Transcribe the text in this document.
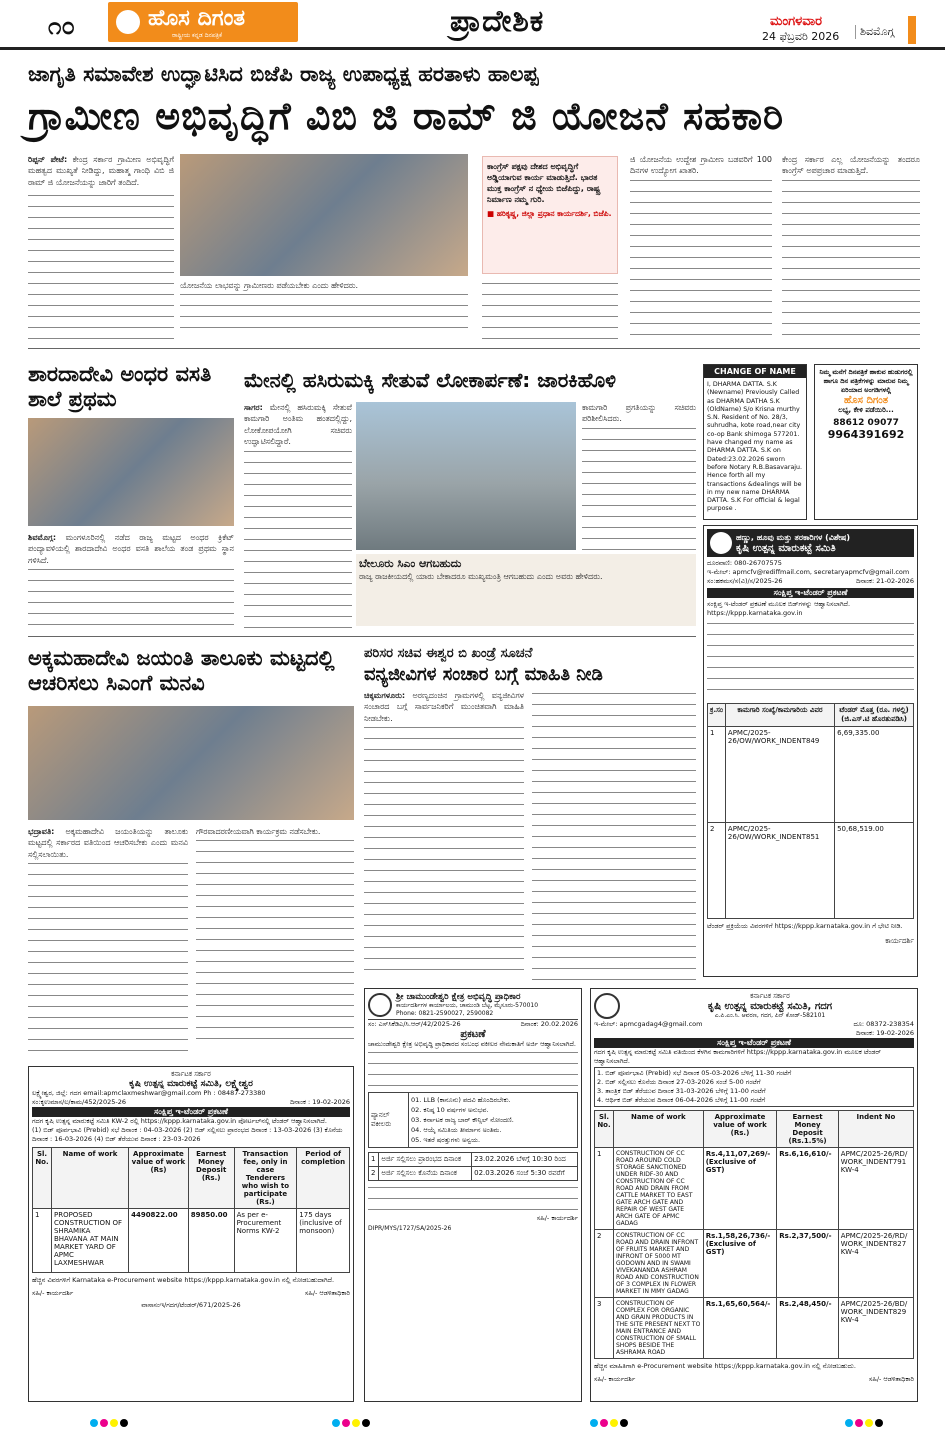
೧೦	ಹೊಸ ದಿಗಂತ
ರಾಷ್ಟ್ರೀಯ ಕನ್ನಡ ದಿನಪತ್ರಿಕೆ	ಪ್ರಾದೇಶಿಕ	ಮಂಗಳವಾರ
24 ಫೆಬ್ರವರಿ 2026	ಶಿವಮೊಗ್ಗ
ಜಾಗೃತಿ ಸಮಾವೇಶ ಉದ್ಘಾಟಿಸಿದ ಬಿಜೆಪಿ ರಾಜ್ಯ ಉಪಾಧ್ಯಕ್ಷ ಹರತಾಳು ಹಾಲಪ್ಪ
ಗ್ರಾಮೀಣ ಅಭಿವೃದ್ಧಿಗೆ ವಿಬಿ ಜಿ ರಾಮ್ ಜಿ ಯೋಜನೆ ಸಹಕಾರಿ
ರಿಪ್ಪನ್ ಪೇಟೆ: ಕೇಂದ್ರ ಸರ್ಕಾರ ಗ್ರಾಮೀಣ ಅಭಿವೃದ್ಧಿಗೆ ಮಹತ್ವದ ಮುಖ್ಯತೆ ನೀಡಿದ್ದು, ಮಹಾತ್ಮ ಗಾಂಧಿ ವಿಬಿ ಜಿ ರಾಮ್ ಜಿ ಯೋಜನೆಯನ್ನು ಜಾರಿಗೆ ತಂದಿದೆ.
ಯೋಜನೆಯ ಲಾಭವನ್ನು ಗ್ರಾಮೀಣರು ಪಡೆಯಬೇಕು ಎಂದು ಹೇಳಿದರು.
ಕಾಂಗ್ರೆಸ್ ಪಕ್ಷವು ದೇಶದ ಅಭಿವೃದ್ಧಿಗೆ ಅಡ್ಡಿಯಾಗುವ ಕಾರ್ಯ ಮಾಡುತ್ತಿದೆ. ಭಾರತ ಮುಕ್ತ ಕಾಂಗ್ರೆಸ್ ನ ಧ್ಯೇಯ ಬಿಜೆಪಿದ್ದು, ರಾಷ್ಟ್ರ ನಿರ್ಮಾಣ ನಮ್ಮ ಗುರಿ.
■ ಹರಿಕೃಷ್ಣ, ಜಿಲ್ಲಾ ಪ್ರಧಾನ ಕಾರ್ಯದರ್ಶಿ, ಬಿಜೆಪಿ.
ಜಿ ಯೋಜನೆಯ ಉದ್ದೇಶ ಗ್ರಾಮೀಣ ಬಡವರಿಗೆ 100 ದಿನಗಳ ಉದ್ಯೋಗ ಖಾತರಿ.
ಕೇಂದ್ರ ಸರ್ಕಾರ ಎಲ್ಲ ಯೋಜನೆಯನ್ನು ತಂದರೂ ಕಾಂಗ್ರೆಸ್ ಅಪಪ್ರಚಾರ ಮಾಡುತ್ತಿದೆ.
ಶಾರದಾದೇವಿ ಅಂಧರ ವಸತಿ ಶಾಲೆ ಪ್ರಥಮ
ಶಿವಮೊಗ್ಗ: ಮಂಗಳೂರಿನಲ್ಲಿ ನಡೆದ ರಾಜ್ಯ ಮಟ್ಟದ ಅಂಧರ ಕ್ರಿಕೆಟ್ ಪಂದ್ಯಾವಳಿಯಲ್ಲಿ ಶಾರದಾದೇವಿ ಅಂಧರ ವಸತಿ ಶಾಲೆಯ ತಂಡ ಪ್ರಥಮ ಸ್ಥಾನ ಗಳಿಸಿದೆ.
ಮೇನಲ್ಲಿ ಹಸಿರುಮಕ್ಕಿ ಸೇತುವೆ ಲೋಕಾರ್ಪಣೆ: ಜಾರಕಿಹೊಳಿ
ಸಾಗರ: ಮೇನಲ್ಲಿ ಹಸಿರುಮಕ್ಕಿ ಸೇತುವೆ ಕಾಮಗಾರಿ ಅಂತಿಮ ಹಂತದಲ್ಲಿದ್ದು, ಲೋಕೋಪಯೋಗಿ ಸಚಿವರು ಉದ್ಘಾಟಿಸಲಿದ್ದಾರೆ.
ಕಾಮಗಾರಿ ಪ್ರಗತಿಯನ್ನು ಸಚಿವರು ಪರಿಶೀಲಿಸಿದರು.
ಬೇಲೂರು ಸಿಎಂ ಆಗಬಹುದು
ರಾಜ್ಯ ರಾಜಕೀಯದಲ್ಲಿ ಯಾರು ಬೇಕಾದರೂ ಮುಖ್ಯಮಂತ್ರಿ ಆಗಬಹುದು ಎಂದು ಅವರು ಹೇಳಿದರು.
CHANGE OF NAME
I, DHARMA DATTA. S.K (Newname) Previously Called as DHARMA DATHA S.K (OldName) S/o Krisna murthy S.N. Resident of No. 28/3, suhrudha, kote road,near city co-op Bank shimoga 577201. have changed my name as DHARMA DATTA. S.K on Dated:23.02.2026 sworn before Notary R.B.Basavaraju. Hence forth all my transactions &dealings will be in my new name DHARMA DATTA. S.K For official & legal purpose .
ನಿಮ್ಮ ಮನೆಗೆ ದಿನಪತ್ರಿಕೆ ಹಾಕುವ ಹುಡುಗರಲ್ಲಿ ಹಾಗೂ ದಿನ ಪತ್ರಿಕೆಗಳನ್ನು ಮಾರುವ ನಿಮ್ಮ ಏರಿಯಾದ ಅಂಗಡಿಗಳಲ್ಲಿ
ಹೊಸ ದಿಗಂತ
ಲಭ್ಯ, ಕೇಳಿ ಪಡೆಯಿರಿ...
88612 09077
9964391692
ಹಣ್ಣು, ಹೂವು ಮತ್ತು ತರಕಾರಿಗಳ (ವಿಶೇಷ)
ಕೃಷಿ ಉತ್ಪನ್ನ ಮಾರುಕಟ್ಟೆ ಸಮಿತಿ
ದೂರವಾಣಿ: 080-26707575
ಇ-ಮೇಲ್: apmcfv@rediffmail.com, secretaryapmcfv@gmail.com
ಸಂ:ಹಕಮಸ/ಸ(ವಿ)/ಸ/2025-26	ದಿನಾಂಕ: 21-02-2026
ಸಂಕ್ಷಿಪ್ತ ಇ-ಟೆಂಡರ್ ಪ್ರಕಟಣೆ
ಸಂಕ್ಷಿಪ್ತ ಇ-ಟೆಂಡರ್ ಪ್ರಕಟಣೆ ಮೂಲಕ ಬಿಡ್‌ಗಳನ್ನು ಆಹ್ವಾನಿಸಲಾಗಿದೆ. https://kppp.karnataka.gov.in
ಕ್ರ.ಸಂ	ಕಾಮಗಾರಿ ಸಂಖ್ಯೆ/ಕಾಮಗಾರಿಯ ವಿವರ	ಟೆಂಡರ್ ಮೊತ್ತ (ರೂ. ಗಳಲ್ಲಿ) (ಜಿ.ಎಸ್.ಟಿ ಹೊರತುಪಡಿಸಿ)
1	APMC/2025-26/OW/WORK_INDENT849	6,69,335.00
2	APMC/2025-26/OW/WORK_INDENT851	50,68,519.00
ಟೆಂಡರ್ ಪ್ರಕ್ರಿಯೆಯ ವಿವರಗಳಿಗೆ https://kppp.karnataka.gov.in ಗೆ ಭೇಟಿ ನೀಡಿ.
ಕಾರ್ಯದರ್ಶಿ
ಅಕ್ಕಮಹಾದೇವಿ ಜಯಂತಿ ತಾಲೂಕು ಮಟ್ಟದಲ್ಲಿ ಆಚರಿಸಲು ಸಿಎಂಗೆ ಮನವಿ
ಭದ್ರಾವತಿ: ಅಕ್ಕಮಹಾದೇವಿ ಜಯಂತಿಯನ್ನು ತಾಲೂಕು ಮಟ್ಟದಲ್ಲಿ ಸರ್ಕಾರದ ವತಿಯಿಂದ ಆಚರಿಸಬೇಕು ಎಂದು ಮನವಿ ಸಲ್ಲಿಸಲಾಯಿತು.
ಗೌರವಾದರಣೀಯವಾಗಿ ಕಾರ್ಯಕ್ರಮ ನಡೆಸಬೇಕು.
ಪರಿಸರ ಸಚಿವ ಈಶ್ವರ ಬಿ ಖಂಡ್ರೆ ಸೂಚನೆ
ವನ್ಯಜೀವಿಗಳ ಸಂಚಾರ ಬಗ್ಗೆ ಮಾಹಿತಿ ನೀಡಿ
ಚಿಕ್ಕಮಗಳೂರು: ಅರಣ್ಯದಂಚಿನ ಗ್ರಾಮಗಳಲ್ಲಿ ವನ್ಯಜೀವಿಗಳ ಸಂಚಾರದ ಬಗ್ಗೆ ಸಾರ್ವಜನಿಕರಿಗೆ ಮುಂಚಿತವಾಗಿ ಮಾಹಿತಿ ನೀಡಬೇಕು.
ಕರ್ನಾಟಕ ಸರ್ಕಾರ
ಕೃಷಿ ಉತ್ಪನ್ನ ಮಾರುಕಟ್ಟೆ ಸಮಿತಿ, ಲಕ್ಷ್ಮೇಶ್ವರ
ಲಕ್ಷ್ಮೇಶ್ವರ, ಜಿಲ್ಲೆ: ಗದಗ email:apmclaxmeshwar@gmail.com Ph : 08487-273380
ಸಂ:ಕೃಉಮಾಸ/ಲ/ಕಾಮ/452/2025-26	ದಿನಾಂಕ : 19-02-2026
ಸಂಕ್ಷಿಪ್ತ ಇ-ಟೆಂಡರ್ ಪ್ರಕಟಣೆ
ಗದಗ ಕೃಷಿ ಉತ್ಪನ್ನ ಮಾರುಕಟ್ಟೆ ಸಮಿತಿ KW-2 ರಲ್ಲಿ https://kppp.karnataka.gov.in ಪೋರ್ಟಲ್‌ನಲ್ಲಿ ಟೆಂಡರ್ ಆಹ್ವಾನಿಸಲಾಗಿದೆ.
(1) ಬಿಡ್ ಪೂರ್ವಭಾವಿ (Prebid) ಸಭೆ ದಿನಾಂಕ : 04-03-2026 (2) ಬಿಡ್ ಸಲ್ಲಿಸಲು ಪ್ರಾರಂಭದ ದಿನಾಂಕ : 13-03-2026 (3) ಕೊನೆಯ ದಿನಾಂಕ : 16-03-2026 (4) ಬಿಡ್ ತೆರೆಯುವ ದಿನಾಂಕ : 23-03-2026
Sl. No.	Name of work	Approximate value of work (Rs)	Earnest Money Deposit (Rs.)	Transaction fee, only in case Tenderers who wish to participate (Rs.)	Period of completion
1	PROPOSED CONSTRUCTION OF SHRAMIKA BHAVANA AT MAIN MARKET YARD OF APMC LAXMESHWAR	4490822.00	89850.00	As per e-Procurement Norms KW-2	175 days (inclusive of monsoon)
ಹೆಚ್ಚಿನ ವಿವರಗಳಿಗೆ Karnataka e-Procurement website https://kppp.karnataka.gov.in ನಲ್ಲಿ ನೋಡಬಹುದಾಗಿದೆ.
ಸಹಿ/- ಕಾರ್ಯದರ್ಶಿ	ಸಹಿ/- ಆಡಳಿತಾಧಿಕಾರಿ
ವಾಸಾಸಂಇ/ಗದಗ/ಟೆಂಡರ್/671/2025-26
ಶ್ರೀ ಚಾಮುಂಡೇಶ್ವರಿ ಕ್ಷೇತ್ರ ಅಭಿವೃದ್ಧಿ ಪ್ರಾಧಿಕಾರ
ಕಾರ್ಯದರ್ಶಿಗಳ ಕಾರ್ಯಾಲಯ, ಚಾಮುಂಡಿ ಬೆಟ್ಟ, ಮೈಸೂರು-570010
Phone: 0821-2590027, 2590082
ಸಂ: ಎಸ್‌ಸಿಕೆಡಿಎ/ಸಿ.ಆರ್/42/2025-26	ದಿನಾಂಕ: 20.02.2026
ಪ್ರಕಟಣೆ
ಚಾಮುಂಡೇಶ್ವರಿ ಕ್ಷೇತ್ರ ಅಭಿವೃದ್ಧಿ ಪ್ರಾಧಿಕಾರದ ಸಂಬಂಧ ವಕೀಲರ ನೇಮಕಾತಿಗೆ ಅರ್ಜಿ ಆಹ್ವಾನಿಸಲಾಗಿದೆ.
ಪ್ಯಾನಲ್ ವಕೀಲರು
01. LLB (ಕಾನೂನು) ಪದವಿ ಹೊಂದಿರಬೇಕು.
02. ಕನಿಷ್ಠ 10 ವರ್ಷಗಳ ಅನುಭವ.
03. ಕರ್ನಾಟಕ ರಾಜ್ಯ ಬಾರ್ ಕೌನ್ಸಿಲ್ ನೋಂದಣಿ.
04. ಆಯ್ಕೆ ಸಮಿತಿಯ ತೀರ್ಮಾನ ಅಂತಿಮ.
05. ಇತರೆ ಷರತ್ತುಗಳು ಅನ್ವಯ.
1	ಅರ್ಜಿ ಸಲ್ಲಿಸಲು ಪ್ರಾರಂಭದ ದಿನಾಂಕ	23.02.2026 ಬೆಳಿಗ್ಗೆ 10:30 ರಿಂದ
2	ಅರ್ಜಿ ಸಲ್ಲಿಸಲು ಕೊನೆಯ ದಿನಾಂಕ	02.03.2026 ಸಂಜೆ 5:30 ರವರೆಗೆ
ಸಹಿ/- ಕಾರ್ಯದರ್ಶಿ
DIPR/MYS/1727/SA/2025-26
ಕರ್ನಾಟಕ ಸರ್ಕಾರ
ಕೃಷಿ ಉತ್ಪನ್ನ ಮಾರುಕಟ್ಟೆ ಸಮಿತಿ, ಗದಗ
ಎ.ಪಿ.ಎಂ.ಸಿ. ಆವರಣ, ಗದಗ, ಪಿನ್ ಕೋಡ್-582101
ಇ-ಮೇಲ್: apmcgadag4@gmail.com	ದೂ: 08372-238354
ದಿನಾಂಕ: 19-02-2026
ಸಂಕ್ಷಿಪ್ತ ಇ-ಟೆಂಡರ್ ಪ್ರಕಟಣೆ
ಗದಗ ಕೃಷಿ ಉತ್ಪನ್ನ ಮಾರುಕಟ್ಟೆ ಸಮಿತಿ ವತಿಯಿಂದ ಕೆಳಗಿನ ಕಾಮಗಾರಿಗಳಿಗೆ https://kppp.karnataka.gov.in ಮೂಲಕ ಟೆಂಡರ್ ಆಹ್ವಾನಿಸಲಾಗಿದೆ.
1. ಬಿಡ್ ಪೂರ್ವಭಾವಿ (Prebid) ಸಭೆ ದಿನಾಂಕ 05-03-2026 ಬೆಳಿಗ್ಗೆ 11-30 ಗಂಟೆಗೆ
2. ಬಿಡ್ ಸಲ್ಲಿಸಲು ಕೊನೆಯ ದಿನಾಂಕ 27-03-2026 ಸಂಜೆ 5-00 ಗಂಟೆಗೆ
3. ತಾಂತ್ರಿಕ ಬಿಡ್ ತೆರೆಯುವ ದಿನಾಂಕ 31-03-2026 ಬೆಳಿಗ್ಗೆ 11-00 ಗಂಟೆಗೆ
4. ಆರ್ಥಿಕ ಬಿಡ್ ತೆರೆಯುವ ದಿನಾಂಕ 06-04-2026 ಬೆಳಿಗ್ಗೆ 11-00 ಗಂಟೆಗೆ
Sl. No.	Name of work	Approximate value of work (Rs.)	Earnest Money Deposit (Rs.1.5%)	Indent No
1	CONSTRUCTION OF CC ROAD AROUND COLD STORAGE SANCTIONED UNDER RIDF-30 AND CONSTRUCTION OF CC ROAD AND DRAIN FROM CATTLE MARKET TO EAST GATE ARCH GATE AND REPAIR OF WEST GATE ARCH GATE OF APMC GADAG	Rs.4,11,07,269/- (Exclusive of GST)	Rs.6,16,610/-	APMC/2025-26/RD/ WORK_INDENT791 KW-4
2	CONSTRUCTION OF CC ROAD AND DRAIN INFRONT OF FRUITS MARKET AND INFRONT OF 5000 MT GODOWN AND IN SWAMI VIVEKANANDA ASHRAM ROAD AND CONSTRUCTION OF 3 COMPLEX IN FLOWER MARKET IN MMY GADAG	Rs.1,58,26,736/- (Exclusive of GST)	Rs.2,37,500/-	APMC/2025-26/RD/ WORK_INDENT827 KW-4
3	CONSTRUCTION OF COMPLEX FOR ORGANIC AND GRAIN PRODUCTS IN THE SITE PRESENT NEXT TO MAIN ENTRANCE AND CONSTRUCTION OF SMALL SHOPS BESIDE THE ASHRAMA ROAD	Rs.1,65,60,564/-	Rs.2,48,450/-	APMC/2025-26/BD/ WORK_INDENT829 KW-4
ಹೆಚ್ಚಿನ ಮಾಹಿತಿಗಾಗಿ e-Procurement website https://kppp.karnataka.gov.in ನಲ್ಲಿ ನೋಡಬಹುದು.
ಸಹಿ/- ಕಾರ್ಯದರ್ಶಿ	ಸಹಿ/- ಆಡಳಿತಾಧಿಕಾರಿ
